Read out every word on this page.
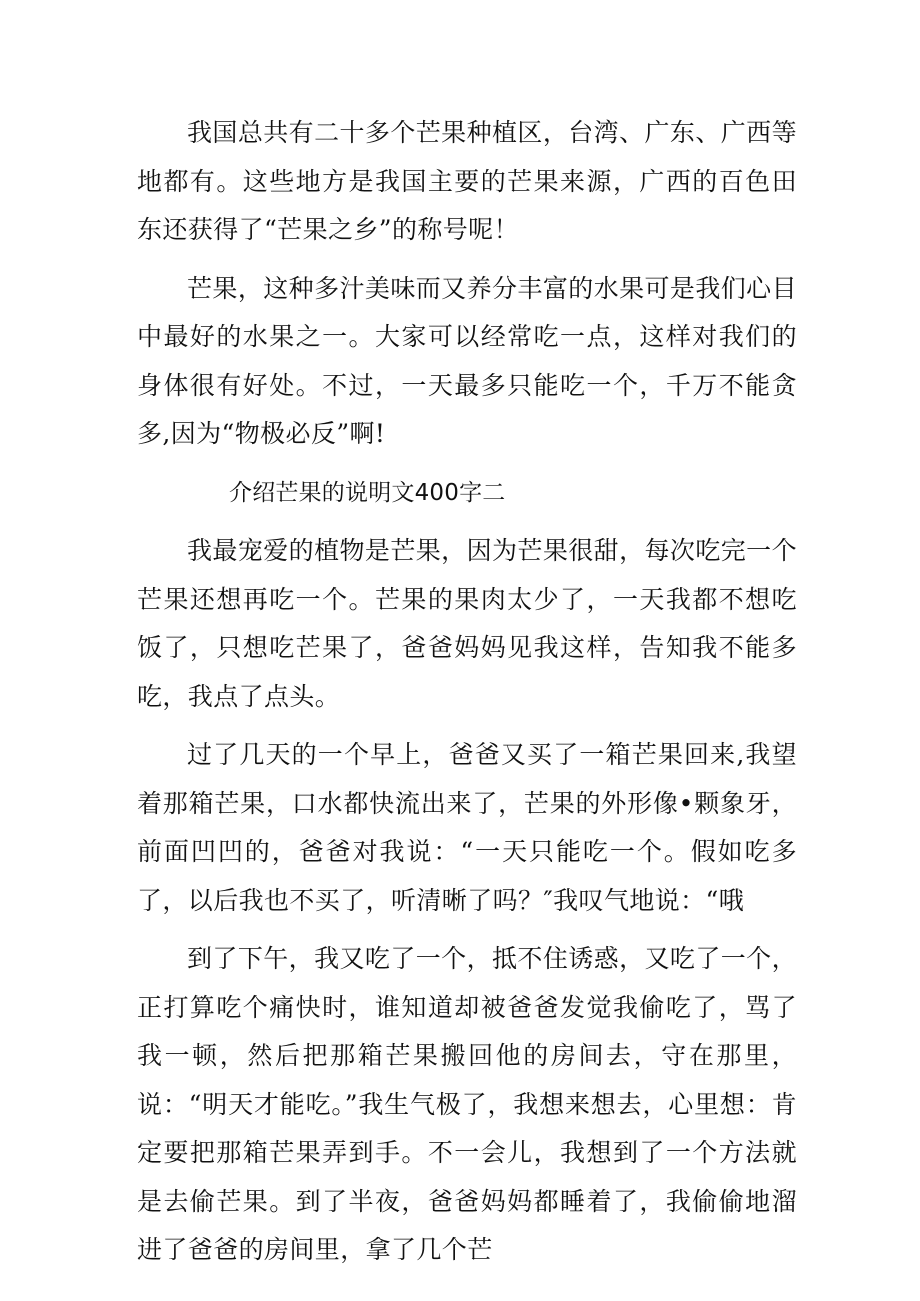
我国总共有二十多个芒果种植区，台湾、广东、广西等地都有。这些地方是我国主要的芒果来源，广西的百色田东还获得了“芒果之乡”的称号呢！

芒果，这种多汁美味而又养分丰富的水果可是我们心目中最好的水果之一。大家可以经常吃一点，这样对我们的身体很有好处。不过，一天最多只能吃一个，千万不能贪多,因为“物极必反”啊!

介绍芒果的说明文400字二

我最宠爱的植物是芒果，因为芒果很甜，每次吃完一个芒果还想再吃一个。芒果的果肉太少了，一天我都不想吃饭了，只想吃芒果了，爸爸妈妈见我这样，告知我不能多吃，我点了点头。

过了几天的一个早上，爸爸又买了一箱芒果回来,我望着那箱芒果，口水都快流出来了，芒果的外形像•颗象牙，前面凹凹的，爸爸对我说：“一天只能吃一个。假如吃多了，以后我也不买了，听清晰了吗？″我叹气地说：“哦

到了下午，我又吃了一个，抵不住诱惑，又吃了一个，正打算吃个痛快时，谁知道却被爸爸发觉我偷吃了，骂了我一顿，然后把那箱芒果搬回他的房间去，守在那里，说：“明天才能吃。”我生气极了，我想来想去，心里想：肯定要把那箱芒果弄到手。不一会儿，我想到了一个方法就是去偷芒果。到了半夜，爸爸妈妈都睡着了，我偷偷地溜进了爸爸的房间里，拿了几个芒
